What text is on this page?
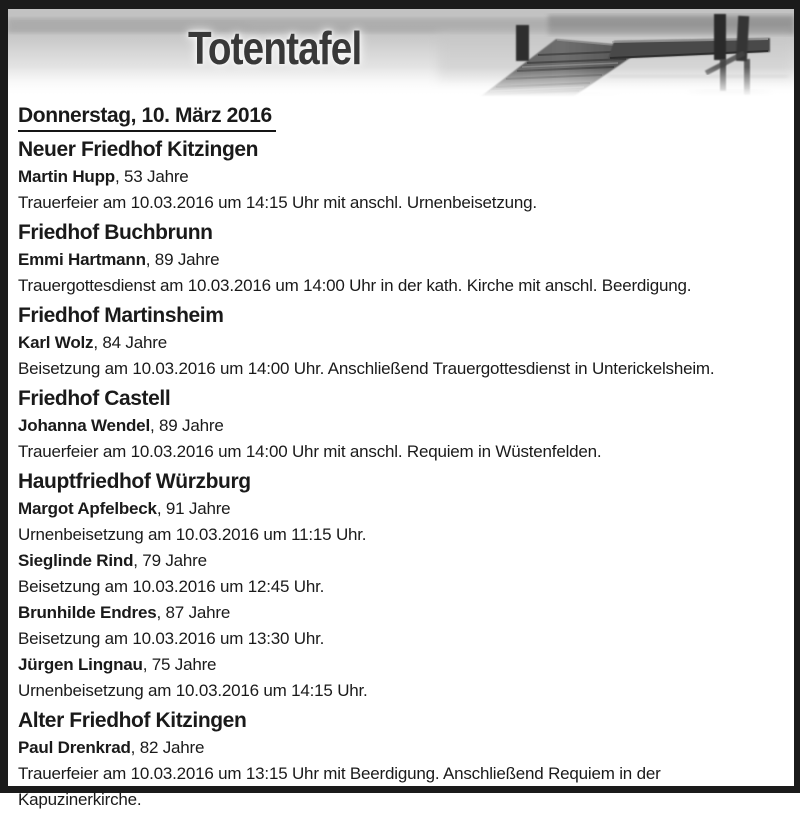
Totentafel
Donnerstag, 10. März 2016
Neuer Friedhof Kitzingen

Martin Hupp, 53 Jahre

Trauerfeier am 10.03.2016 um 14:15 Uhr mit anschl. Urnenbeisetzung.

Friedhof Buchbrunn

Emmi Hartmann, 89 Jahre

Trauergottesdienst am 10.03.2016 um 14:00 Uhr in der kath. Kirche mit anschl. Beerdigung.

Friedhof Martinsheim

Karl Wolz, 84 Jahre

Beisetzung am 10.03.2016 um 14:00 Uhr. Anschließend Trauergottesdienst in Unterickelsheim.

Friedhof Castell

Johanna Wendel, 89 Jahre

Trauerfeier am 10.03.2016 um 14:00 Uhr mit anschl. Requiem in Wüstenfelden.

Hauptfriedhof Würzburg

Margot Apfelbeck, 91 Jahre

Urnenbeisetzung am 10.03.2016 um 11:15 Uhr.

Sieglinde Rind, 79 Jahre

Beisetzung am 10.03.2016 um 12:45 Uhr.

Brunhilde Endres, 87 Jahre

Beisetzung am 10.03.2016 um 13:30 Uhr.

Jürgen Lingnau, 75 Jahre

Urnenbeisetzung am 10.03.2016 um 14:15 Uhr.

Alter Friedhof Kitzingen

Paul Drenkrad, 82 Jahre

Trauerfeier am 10.03.2016 um 13:15 Uhr mit Beerdigung. Anschließend Requiem in der Kapuzinerkirche.
